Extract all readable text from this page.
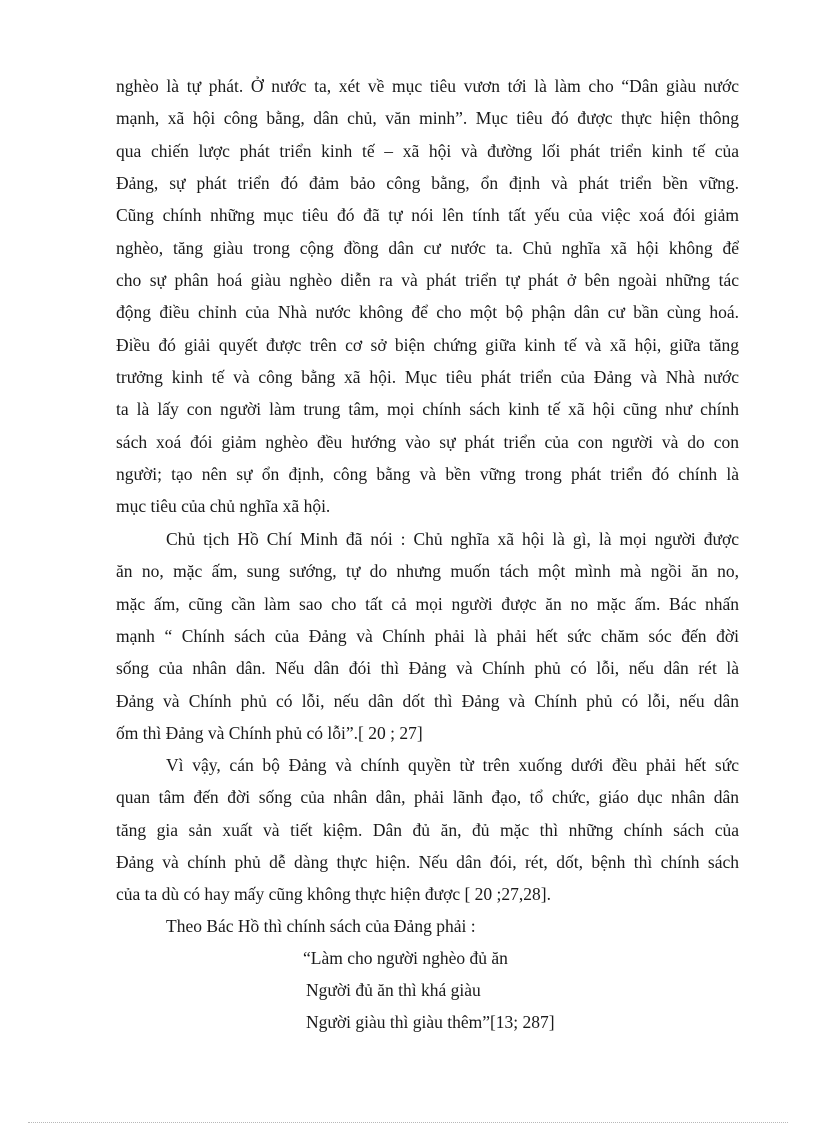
nghèo là tự phát. Ở nước ta, xét về mục tiêu vươn tới là làm cho “Dân giàu nước
mạnh, xã hội công bằng, dân chủ, văn minh”. Mục tiêu đó được thực hiện thông
qua chiến lược phát triển kinh tế – xã hội và đường lối phát triển kinh tế của
Đảng, sự phát triển đó đảm bảo công bằng, ổn định và phát triển bền vững.
Cũng chính những mục tiêu đó đã tự nói lên tính tất yếu của việc xoá đói giảm
nghèo, tăng giàu trong cộng đồng dân cư nước ta. Chủ nghĩa xã hội không để
cho sự phân hoá giàu nghèo diễn ra và phát triển tự phát ở bên ngoài những tác
động điều chỉnh của Nhà nước không để cho một bộ phận dân cư bần cùng hoá.
Điều đó giải quyết được trên cơ sở biện chứng giữa kinh tế và xã hội, giữa tăng
trưởng kinh tế và công bằng xã hội. Mục tiêu phát triển của Đảng và Nhà nước
ta là lấy con người làm trung tâm, mọi chính sách kinh tế xã hội cũng như chính
sách xoá đói giảm nghèo đều hướng vào sự phát triển của con người và do con
người; tạo nên sự ổn định, công bằng và bền vững trong phát triển đó chính là
mục tiêu của chủ nghĩa xã hội.
Chủ tịch Hồ Chí Minh đã nói : Chủ nghĩa xã hội là gì, là mọi người được
ăn no, mặc ấm, sung sướng, tự do nhưng muốn tách một mình mà ngồi ăn no,
mặc ấm, cũng cần làm sao cho tất cả mọi người được ăn no mặc ấm. Bác nhấn
mạnh “ Chính sách của Đảng và Chính phải là phải hết sức chăm sóc đến đời
sống của nhân dân. Nếu dân đói thì Đảng và Chính phủ có lỗi, nếu dân rét là
Đảng và Chính phủ có lỗi, nếu dân dốt thì Đảng và Chính phủ có lỗi, nếu dân
ốm thì Đảng và Chính phủ có lỗi”.[ 20 ; 27]
Vì vậy, cán bộ Đảng và chính quyền từ trên xuống dưới đều phải hết sức
quan tâm đến đời sống của nhân dân, phải lãnh đạo, tổ chức, giáo dục nhân dân
tăng gia sản xuất và tiết kiệm. Dân đủ ăn, đủ mặc thì những chính sách của
Đảng và chính phủ dễ dàng thực hiện. Nếu dân đói, rét, dốt, bệnh thì chính sách
của ta dù có hay mấy cũng không thực hiện được [ 20 ;27,28].
Theo Bác Hồ thì chính sách của Đảng phải :
“Làm cho người nghèo đủ ăn
Người đủ ăn thì khá giàu
Người giàu thì giàu thêm”[13; 287]
